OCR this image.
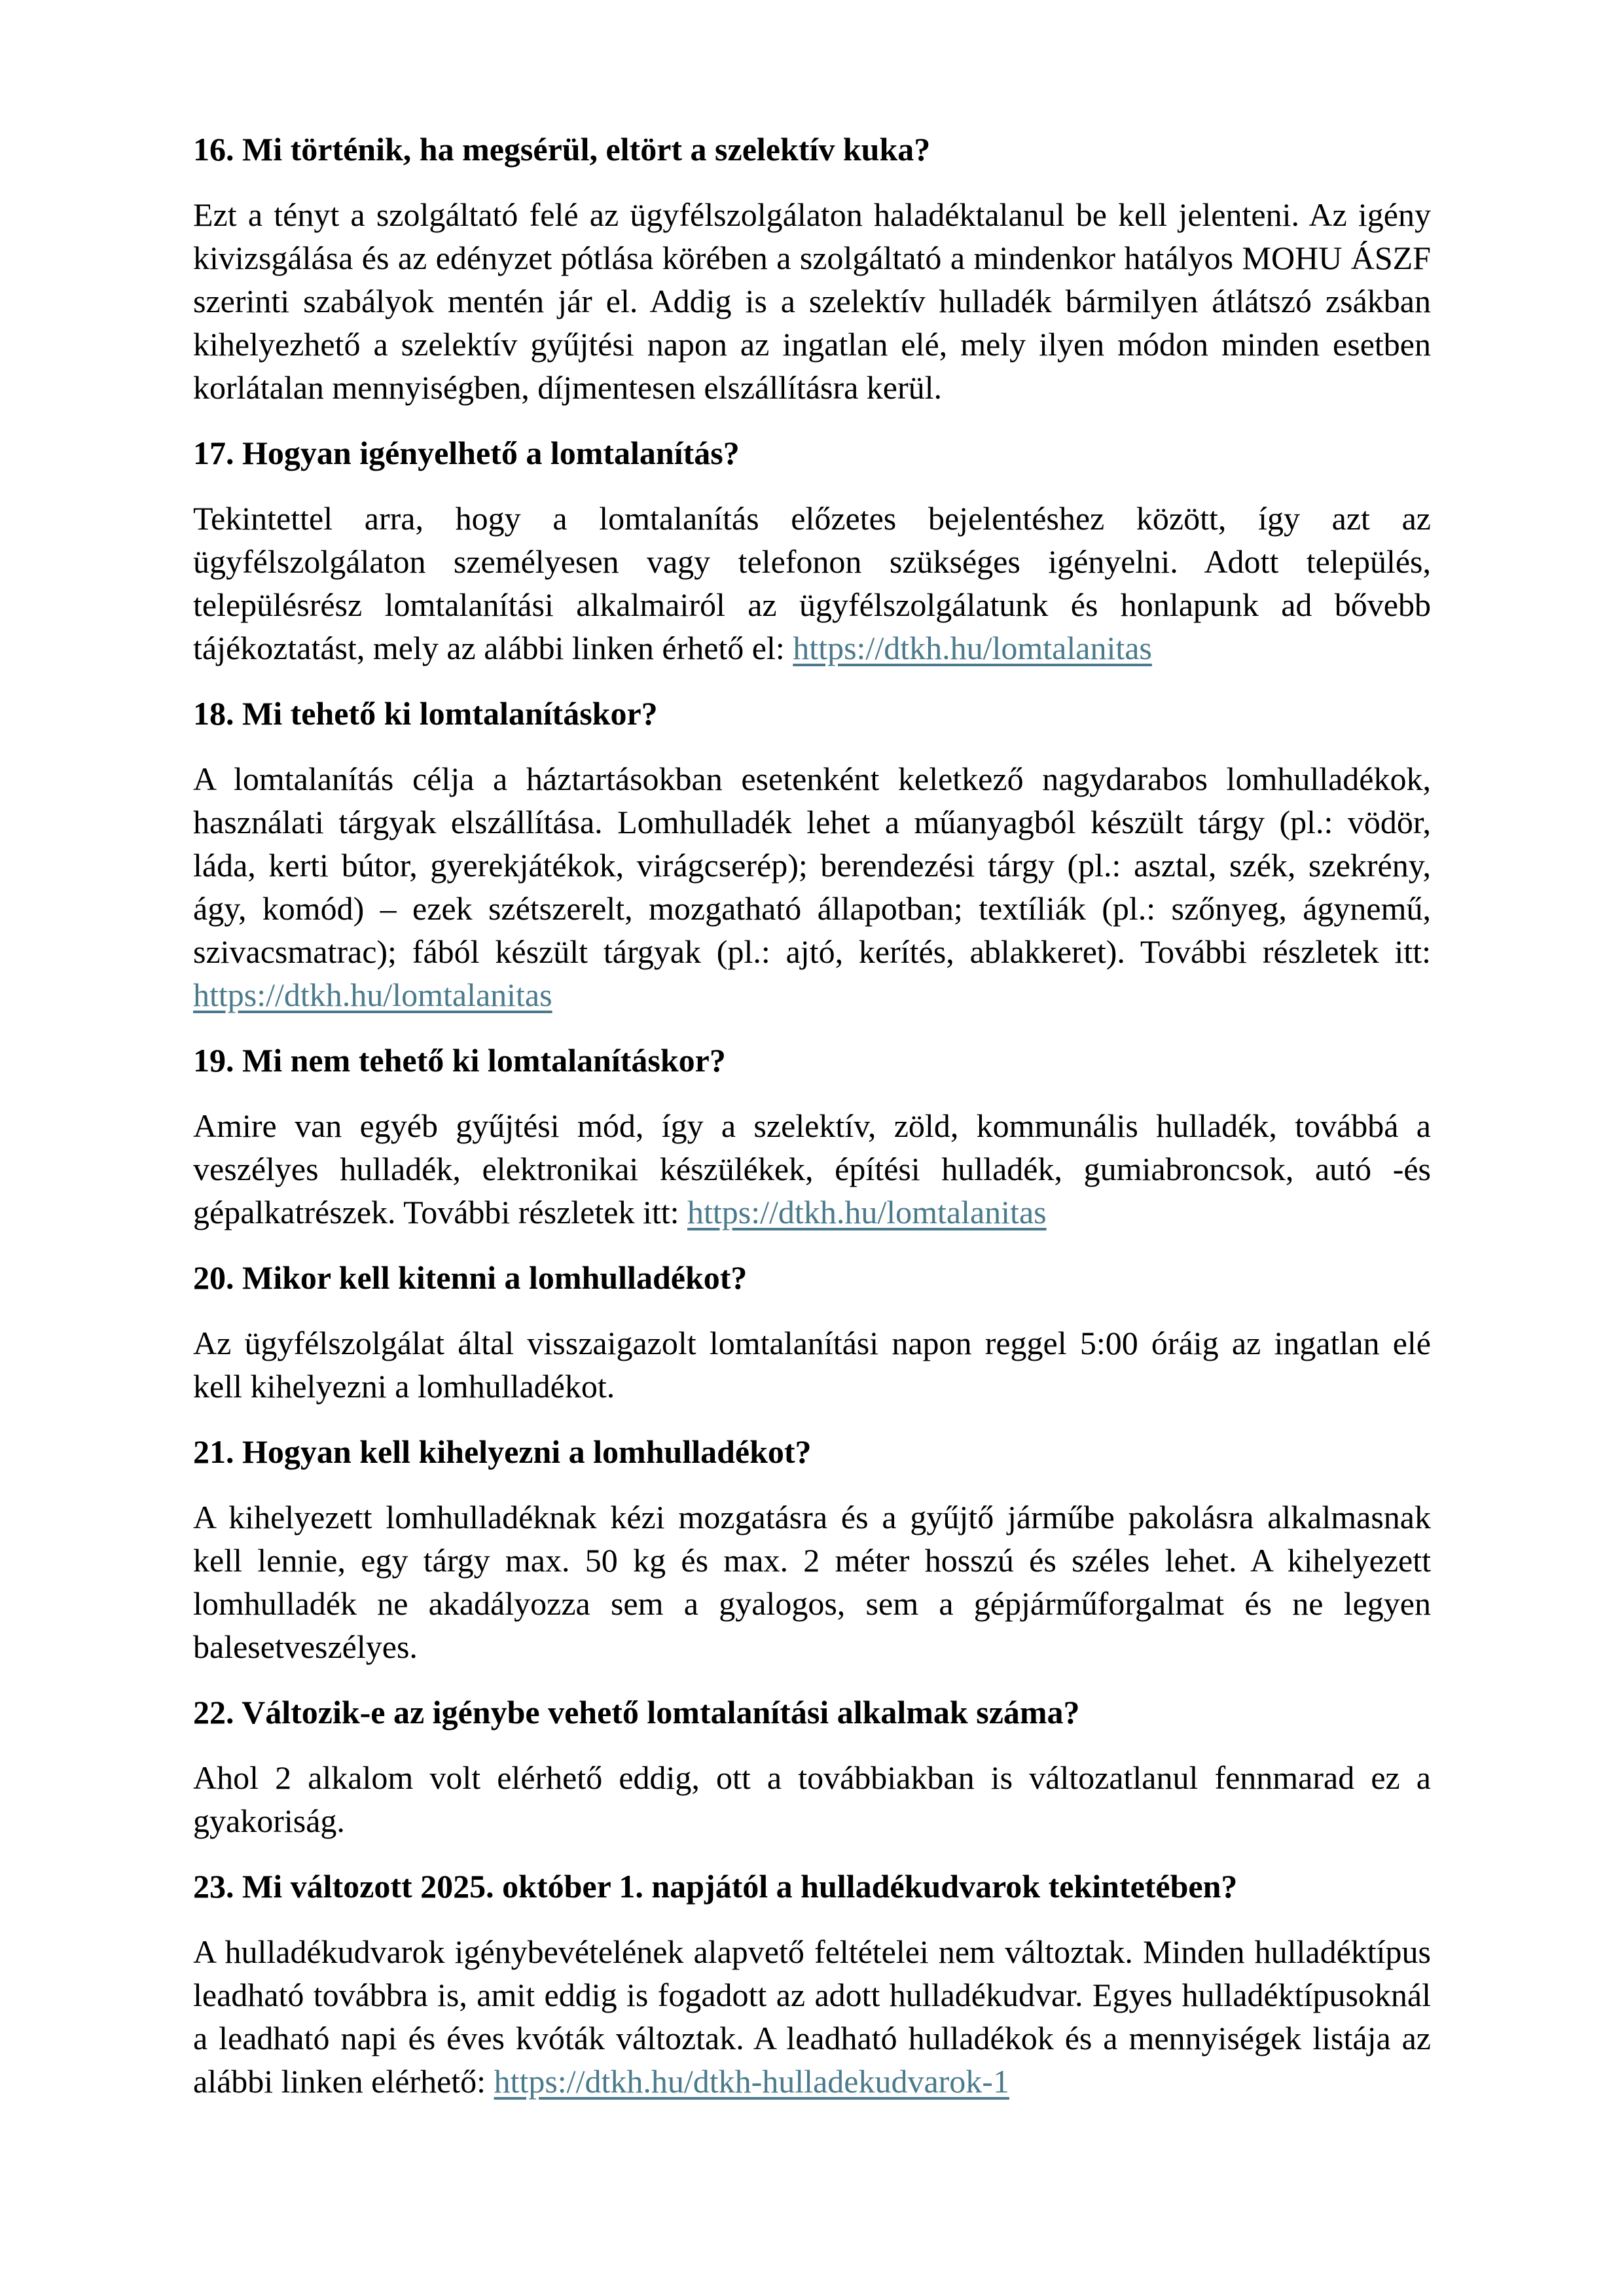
16. Mi történik, ha megsérül, eltört a szelektív kuka?

Ezt a tényt a szolgáltató felé az ügyfélszolgálaton haladéktalanul be kell jelenteni. Az igény kivizsgálása és az edényzet pótlása körében a szolgáltató a mindenkor hatályos MOHU ÁSZF szerinti szabályok mentén jár el. Addig is a szelektív hulladék bármilyen átlátszó zsákban kihelyezhető a szelektív gyűjtési napon az ingatlan elé, mely ilyen módon minden esetben korlátalan mennyiségben, díjmentesen elszállításra kerül.

17. Hogyan igényelhető a lomtalanítás?

Tekintettel arra, hogy a lomtalanítás előzetes bejelentéshez között, így azt az ügyfélszolgálaton személyesen vagy telefonon szükséges igényelni. Adott település, településrész lomtalanítási alkalmairól az ügyfélszolgálatunk és honlapunk ad bővebb tájékoztatást, mely az alábbi linken érhető el: https://dtkh.hu/lomtalanitas

18. Mi tehető ki lomtalanításkor?

A lomtalanítás célja a háztartásokban esetenként keletkező nagydarabos lomhulladékok, használati tárgyak elszállítása. Lomhulladék lehet a műanyagból készült tárgy (pl.: vödör, láda, kerti bútor, gyerekjátékok, virágcserép); berendezési tárgy (pl.: asztal, szék, szekrény, ágy, komód) – ezek szétszerelt, mozgatható állapotban; textíliák (pl.: szőnyeg, ágynemű, szivacsmatrac); fából készült tárgyak (pl.: ajtó, kerítés, ablakkeret). További részletek itt: https://dtkh.hu/lomtalanitas

19. Mi nem tehető ki lomtalanításkor?

Amire van egyéb gyűjtési mód, így a szelektív, zöld, kommunális hulladék, továbbá a veszélyes hulladék, elektronikai készülékek, építési hulladék, gumiabroncsok, autó -és gépalkatrészek. További részletek itt: https://dtkh.hu/lomtalanitas

20. Mikor kell kitenni a lomhulladékot?

Az ügyfélszolgálat által visszaigazolt lomtalanítási napon reggel 5:00 óráig az ingatlan elé kell kihelyezni a lomhulladékot.

21. Hogyan kell kihelyezni a lomhulladékot?

A kihelyezett lomhulladéknak kézi mozgatásra és a gyűjtő járműbe pakolásra alkalmasnak kell lennie, egy tárgy max. 50 kg és max. 2 méter hosszú és széles lehet. A kihelyezett lomhulladék ne akadályozza sem a gyalogos, sem a gépjárműforgalmat és ne legyen balesetveszélyes.

22. Változik-e az igénybe vehető lomtalanítási alkalmak száma?

Ahol 2 alkalom volt elérhető eddig, ott a továbbiakban is változatlanul fennmarad ez a gyakoriság.

23. Mi változott 2025. október 1. napjától a hulladékudvarok tekintetében?

A hulladékudvarok igénybevételének alapvető feltételei nem változtak. Minden hulladéktípus leadható továbbra is, amit eddig is fogadott az adott hulladékudvar. Egyes hulladéktípusoknál a leadható napi és éves kvóták változtak. A leadható hulladékok és a mennyiségek listája az alábbi linken elérhető: https://dtkh.hu/dtkh-hulladekudvarok-1
